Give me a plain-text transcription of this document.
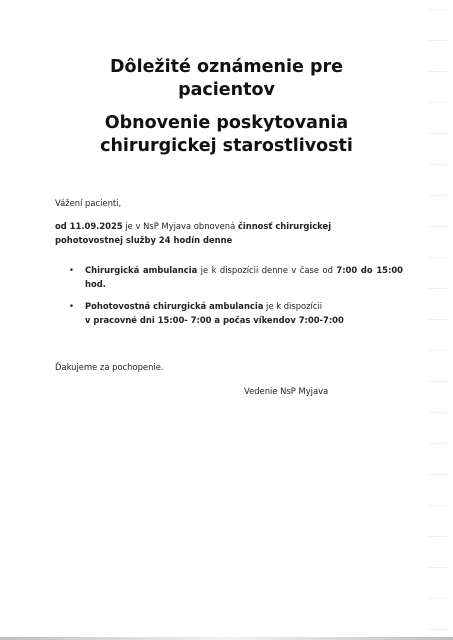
Dôležité oznámenie pre
pacientov
Obnovenie poskytovania
chirurgickej starostlivosti
Vážení pacienti,
od 11.09.2025 je v NsP Myjava obnovená činnosť chirurgickej
pohotovostnej služby 24 hodín denne
• Chirurgická ambulancia je k dispozícii denne v čase od 7:00 do 15:00 hod.
• Pohotovostná chirurgická ambulancia je k dispozícii
v pracovné dni 15:00- 7:00 a počas víkendov 7:00-7:00
Ďakujeme za pochopenie.
Vedenie NsP Myjava
